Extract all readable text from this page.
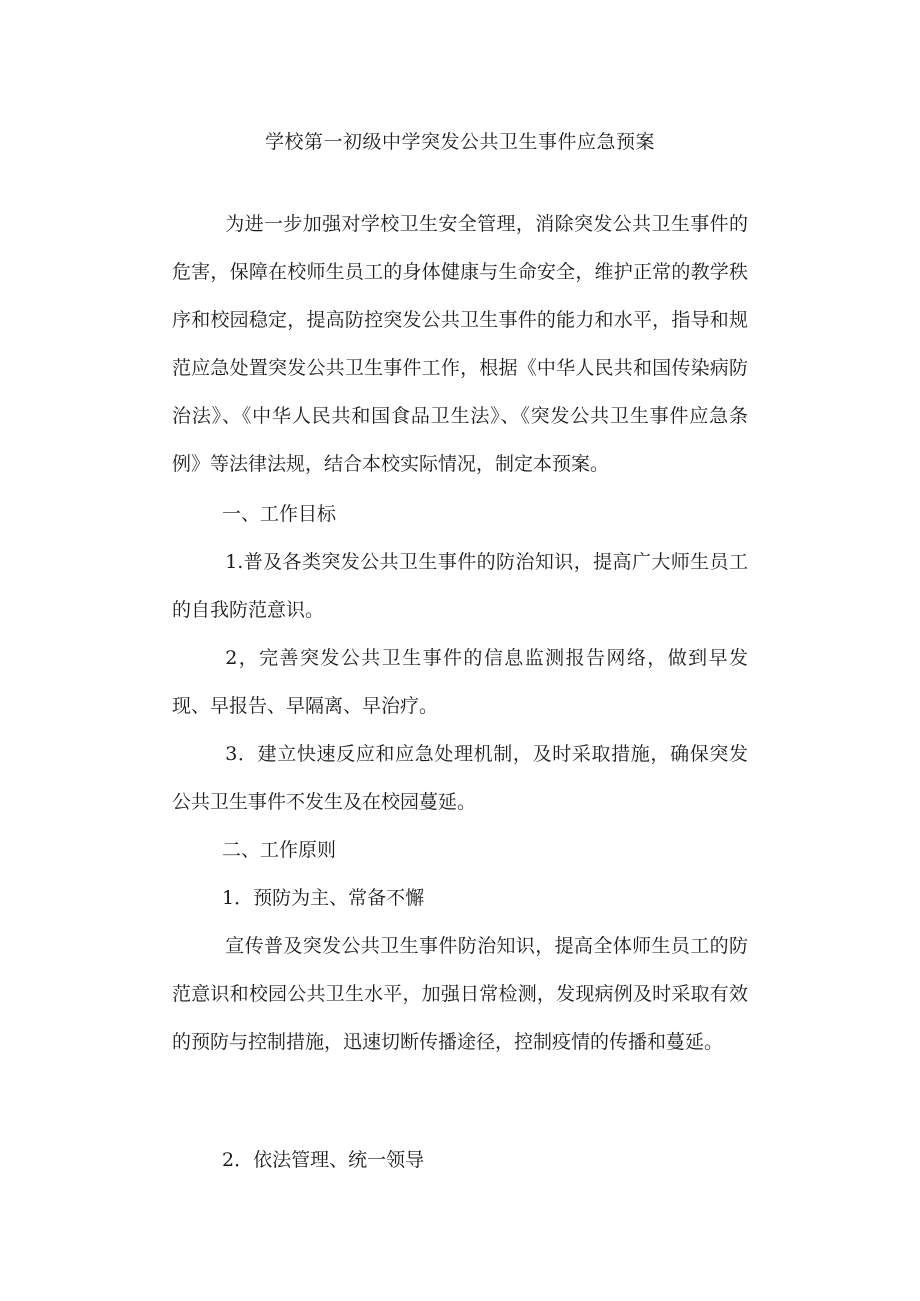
学校第一初级中学突发公共卫生事件应急预案

为进一步加强对学校卫生安全管理，消除突发公共卫生事件的危害，保障在校师生员工的身体健康与生命安全，维护正常的教学秩序和校园稳定，提高防控突发公共卫生事件的能力和水平，指导和规范应急处置突发公共卫生事件工作，根据《中华人民共和国传染病防治法》、《中华人民共和国食品卫生法》、《突发公共卫生事件应急条例》等法律法规，结合本校实际情况，制定本预案。

一、工作目标

1.普及各类突发公共卫生事件的防治知识，提高广大师生员工的自我防范意识。

2，完善突发公共卫生事件的信息监测报告网络，做到早发现、早报告、早隔离、早治疗。

3．建立快速反应和应急处理机制，及时采取措施，确保突发公共卫生事件不发生及在校园蔓延。

二、工作原则

1．预防为主、常备不懈

宣传普及突发公共卫生事件防治知识，提高全体师生员工的防范意识和校园公共卫生水平，加强日常检测，发现病例及时采取有效的预防与控制措施，迅速切断传播途径，控制疫情的传播和蔓延。

2．依法管理、统一领导
